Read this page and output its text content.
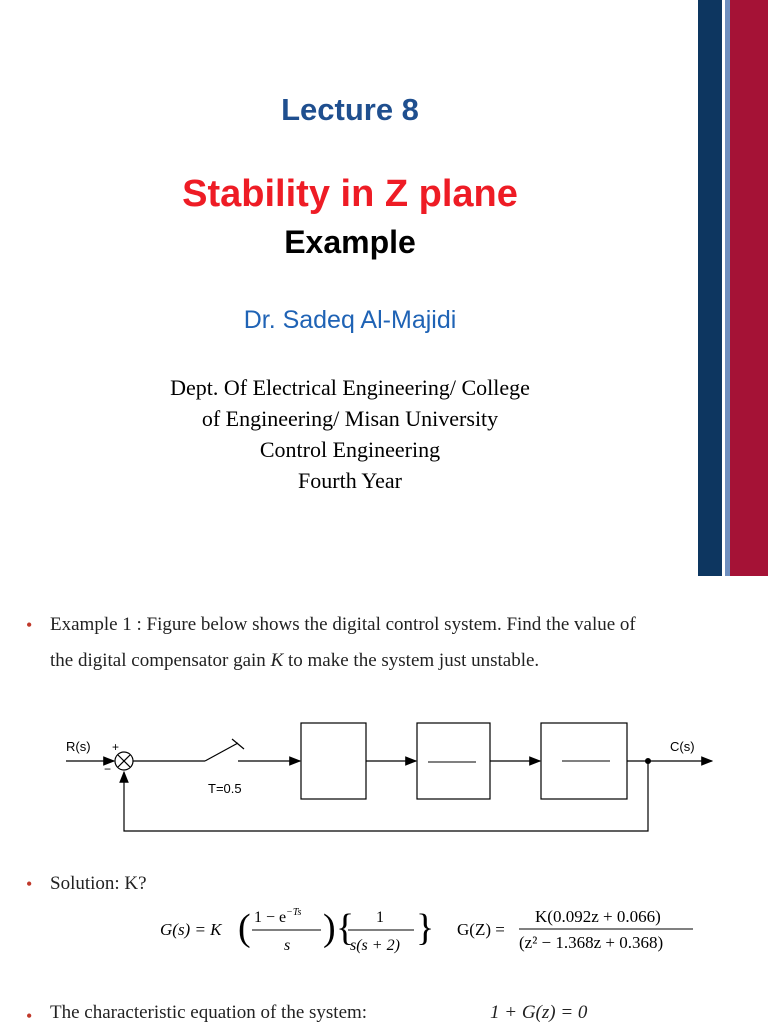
Lecture 8
Stability in Z plane
Example
Dr. Sadeq Al-Majidi
Dept. Of Electrical Engineering/ College
of Engineering/ Misan University
Control Engineering
Fourth Year
• Example 1 : Figure below shows the digital control system. Find the value of
the digital compensator gain K to make the system just unstable.
R(s) +
−
T=0.5
C(s)
• Solution: K?
G(s) = K ( $1 - e^{-Ts}$
s ) { 1
s(s + 2) } G(Z) =
K(0.092z + 0.066)
(z² − 1.368z + 0.368)
• The characteristic equation of the system:	1 + G(z) = 0
